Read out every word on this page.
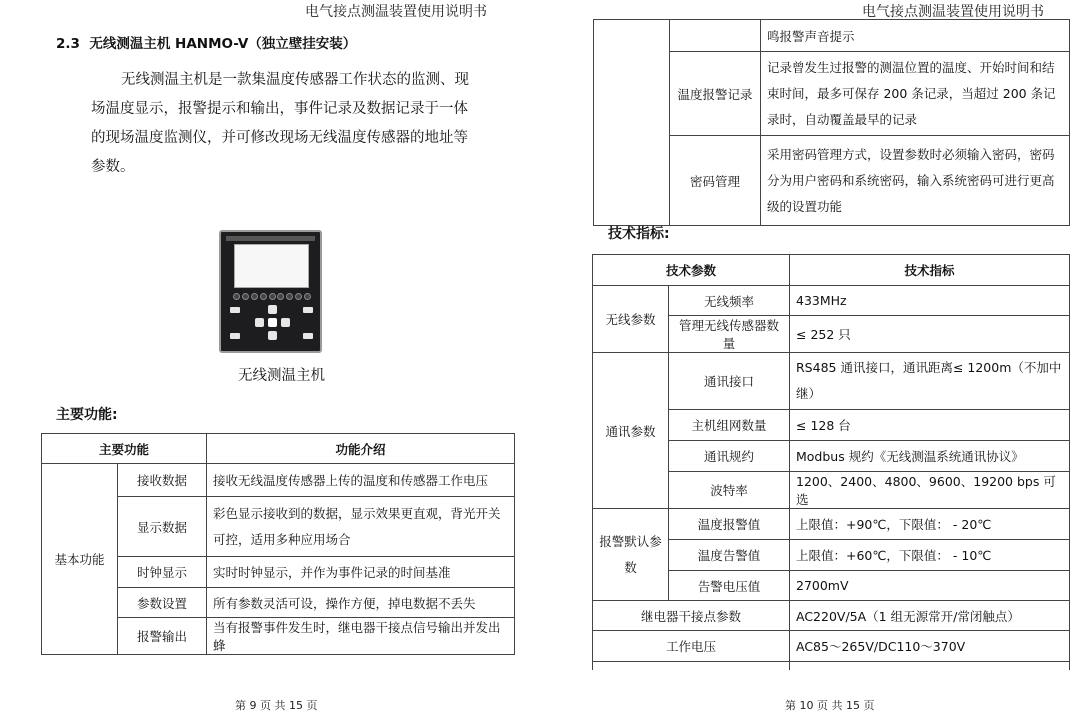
电气接点测温装置使用说明书	电气接点测温装置使用说明书
2.3 无线测温主机 HANMO-V（独立壁挂安装）
无线测温主机是一款集温度传感器工作状态的监测、现场温度显示，报警提示和输出，事件记录及数据记录于一体的现场温度监测仪，并可修改现场无线温度传感器的地址等参数。
无线测温主机
主要功能:
主要功能		功能介绍
基本功能	接收数据	接收无线温度传感器上传的温度和传感器工作电压
	显示数据	彩色显示接收到的数据，显示效果更直观，背光开关可控，适用多种应用场合
	时钟显示	实时时钟显示，并作为事件记录的时间基准
	参数设置	所有参数灵活可设，操作方便，掉电数据不丢失
	报警输出	当有报警事件发生时，继电器干接点信号输出并发出蜂
		鸣报警声音提示
	温度报警记录	记录曾发生过报警的测温位置的温度、开始时间和结束时间，最多可保存 200 条记录，当超过 200 条记录时，自动覆盖最早的记录
	密码管理	采用密码管理方式，设置参数时必须输入密码，密码分为用户密码和系统密码，输入系统密码可进行更高级的设置功能
技术指标:
技术参数		技术指标
无线参数	无线频率	433MHz
	管理无线传感器数量	≤ 252 只
通讯参数	通讯接口	RS485 通讯接口，通讯距离≤ 1200m（不加中继）
	主机组网数量	≤ 128 台
	通讯规约	Modbus 规约《无线测温系统通讯协议》
	波特率	1200、2400、4800、9600、19200 bps 可选
报警默认参数	温度报警值	上限值：+90℃，下限值： - 20℃
	温度告警值	上限值：+60℃，下限值： - 10℃
	告警电压值	2700mV
继电器干接点参数		AC220V/5A（1 组无源常开/常闭触点）
工作电压		AC85～265V/DC110～370V

第 9 页 共 15 页	第 10 页 共 15 页
